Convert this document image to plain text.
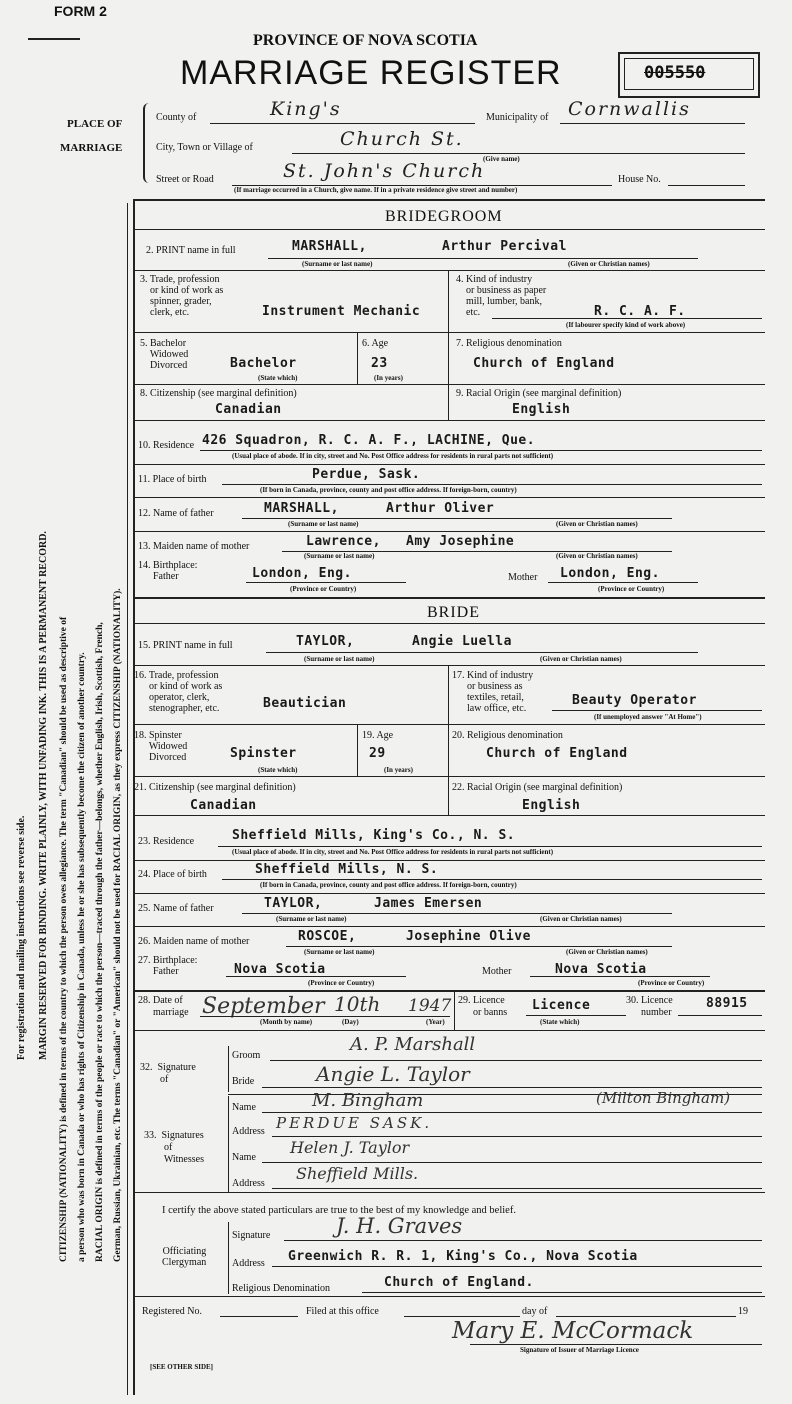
FORM 2
PROVINCE OF NOVA SCOTIA
MARRIAGE REGISTER	005550
For registration and mailing instructions see reverse side. MARGIN RESERVED FOR BINDING. WRITE PLAINLY, WITH UNFADING INK. THIS IS A PERMANENT RECORD. CITIZENSHIP (NATIONALITY) is defined in terms of the country to which the person owes allegiance. The term "Canadian" should be used as descriptive of a person who was born in Canada or who has rights of Citizenship in Canada, unless he or she has subsequently become the citizen of another country. RACIAL ORIGIN is defined in terms of the people or race to which the person—traced through the father—belongs, whether English, Irish, Scottish, French, German, Russian, Ukrainian, etc. The terms "Canadian" or "American" should not be used for RACIAL ORIGIN, as they express CITIZENSHIP (NATIONALITY).
PLACE OF
MARRIAGE
County of	King's	Municipality of Cornwallis
City, Town or Village of	Church St.
(Give name)
Street or Road	St. John's Church	House No.
(If marriage occurred in a Church, give name. If in a private residence give street and number)
BRIDEGROOM
2. PRINT name in full	MARSHALL,	Arthur Percival
(Surname or last name)	(Given or Christian names)
3. Trade, profession
or kind of work as
spinner, grader,
clerk, etc.	Instrument Mechanic
4. Kind of industry
or business as paper
mill, lumber, bank,
etc.	R. C. A. F.
(If labourer specify kind of work above)
5. Bachelor
Widowed
Divorced	Bachelor
(State which)
6. Age
23
(In years)
7. Religious denomination
Church of England
8. Citizenship (see marginal definition)
Canadian
9. Racial Origin (see marginal definition)
English
10. Residence 426 Squadron, R. C. A. F., LACHINE, Que.
(Usual place of abode. If in city, street and No. Post Office address for residents in rural parts not sufficient)
11. Place of birth	Perdue, Sask.
(If born in Canada, province, county and post office address. If foreign-born, country)
12. Name of father	MARSHALL,	Arthur Oliver
(Surname or last name)	(Given or Christian names)
13. Maiden name of mother	Lawrence, Amy Josephine
(Surname or last name)	(Given or Christian names)
14. Birthplace:
Father	London, Eng.
(Province or Country)
Mother London, Eng.
(Province or Country)
BRIDE
15. PRINT name in full	TAYLOR,	Angie Luella
(Surname or last name)	(Given or Christian names)
16. Trade, profession
or kind of work as
operator, clerk,
stenographer, etc.	Beautician
17. Kind of industry
or business as
textiles, retail,
law office, etc.
Beauty Operator
(If unemployed answer "At Home")
18. Spinster
Widowed
Divorced	Spinster
(State which)
19. Age
29
(In years)
20. Religious denomination
Church of England
21. Citizenship (see marginal definition)
Canadian
22. Racial Origin (see marginal definition)
English
23. Residence	Sheffield Mills, King's Co., N. S.
(Usual place of abode. If in city, street and No. Post Office address for residents in rural parts not sufficient)
24. Place of birth	Sheffield Mills, N. S.
(If born in Canada, province, county and post office address. If foreign-born, country)
25. Name of father	TAYLOR,	James Emersen
(Surname or last name)	(Given or Christian names)
26. Maiden name of mother	ROSCOE,	Josephine Olive
(Surname or last name)	(Given or Christian names)
27. Birthplace:
Father	Nova Scotia
(Province or Country)
Mother	Nova Scotia
(Province or Country)
28. Date of
marriage September 10th 1947
(Month by name)	(Day)	(Year)
29. Licence
or banns Licence
(State which)
30. Licence
number
88915
32.  Signature
of
Groom
A. P. Marshall
Bride	Angie L. Taylor
33.  Signatures
of
Witnesses
Name	M. Bingham	(Milton Bingham)
Address PERDUE SASK.
Name
Helen J. Taylor
Address
Sheffield Mills.
I certify the above stated particulars are true to the best of my knowledge and belief.
Signature	J. H. Graves
Officiating
Clergyman	Address Greenwich R. R. 1, King's Co., Nova Scotia
Religious Denomination	Church of England.
Registered No.	Filed at this office	day of	19
Mary E. McCormack
Signature of Issuer of Marriage Licence
[SEE OTHER SIDE]
